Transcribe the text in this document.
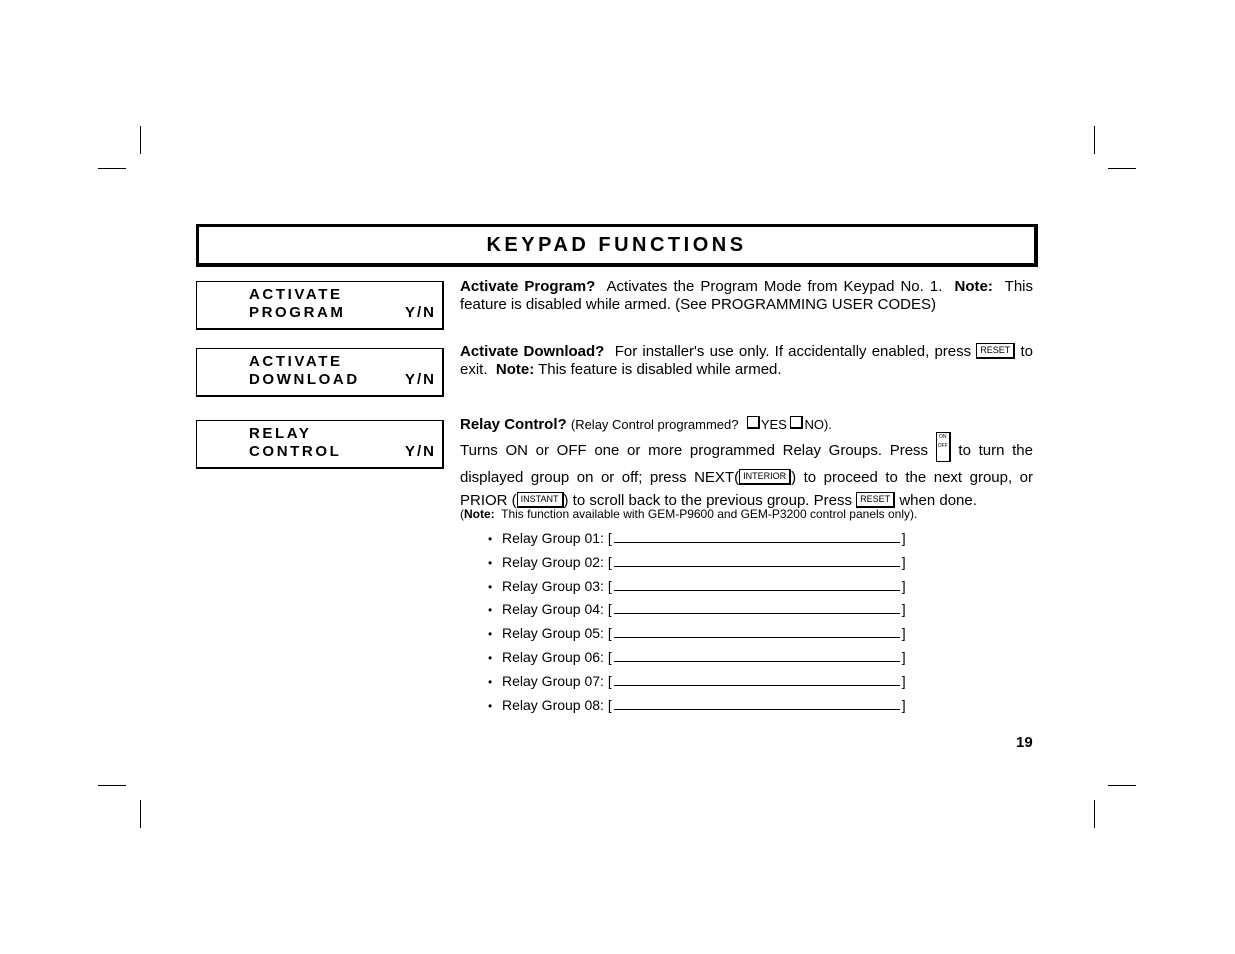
KEYPAD FUNCTIONS
ACTIVATE
PROGRAM	Y/N
ACTIVATE
DOWNLOAD	Y/N
RELAY
CONTROL	Y/N
Activate Program? Activates the Program Mode from Keypad No. 1. Note: This feature is disabled while armed. (See PROGRAMMING USER CODES)
Activate Download? For installer's use only. If accidentally enabled, press RESET to exit. Note: This feature is disabled while armed.
Relay Control? (Relay Control programmed? YES NO).
Turns ON or OFF one or more programmed Relay Groups. Press ON
OFF to turn the displayed group on or off; press NEXT( INTERIOR ) to proceed to the next group, or PRIOR ( INSTANT ) to scroll back to the previous group. Press RESET when done.
(Note: This function available with GEM-P9600 and GEM-P3200 control panels only).
• Relay Group 01: [	]
• Relay Group 02: [	]
• Relay Group 03: [	]
• Relay Group 04: [	]
• Relay Group 05: [	]
• Relay Group 06: [	]
• Relay Group 07: [	]
• Relay Group 08: [	]
19
